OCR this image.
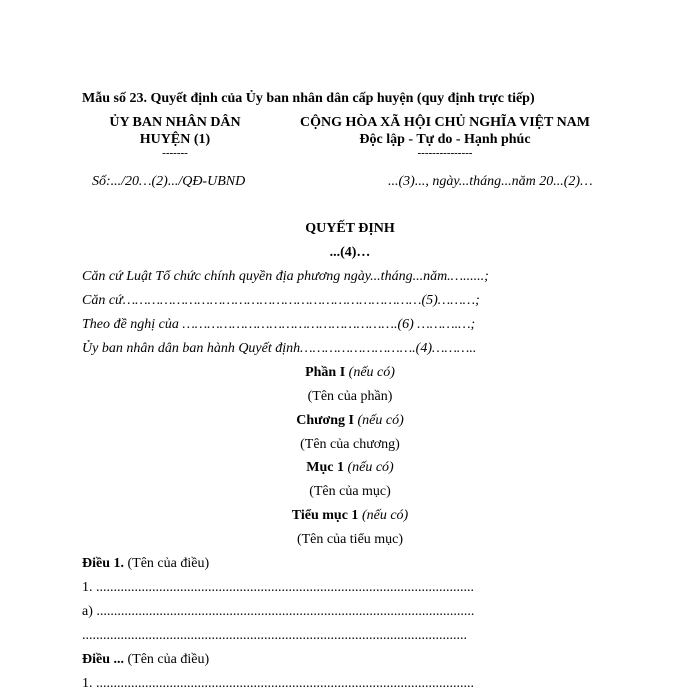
Mẫu số 23. Quyết định của Ủy ban nhân dân cấp huyện (quy định trực tiếp)
ỦY BAN NHÂN DÂN
HUYỆN (1)
-------
CỘNG HÒA XÃ HỘI CHỦ NGHĨA VIỆT NAM
Độc lập - Tự do - Hạnh phúc
---------------
Số:.../20…(2).../QĐ-UBND	...(3)..., ngày...tháng...năm 20...(2)…
QUYẾT ĐỊNH
...(4)…
Căn cứ Luật Tổ chức chính quyền địa phương ngày...tháng...năm.…......;
Căn cứ………………………………………………………………(5)………;
Theo đề nghị của …………………………………………….(6) ……….…;
Ủy ban nhân dân ban hành Quyết định……………………….(4)………..
Phần I (nếu có)
(Tên của phần)
Chương I (nếu có)
(Tên của chương)
Mục 1 (nếu có)
(Tên của mục)
Tiểu mục 1 (nếu có)
(Tên của tiểu mục)
Điều 1. (Tên của điều)
1. ............................................................................................................
a) ............................................................................................................
..............................................................................................................
Điều ... (Tên của điều)
1. ............................................................................................................
